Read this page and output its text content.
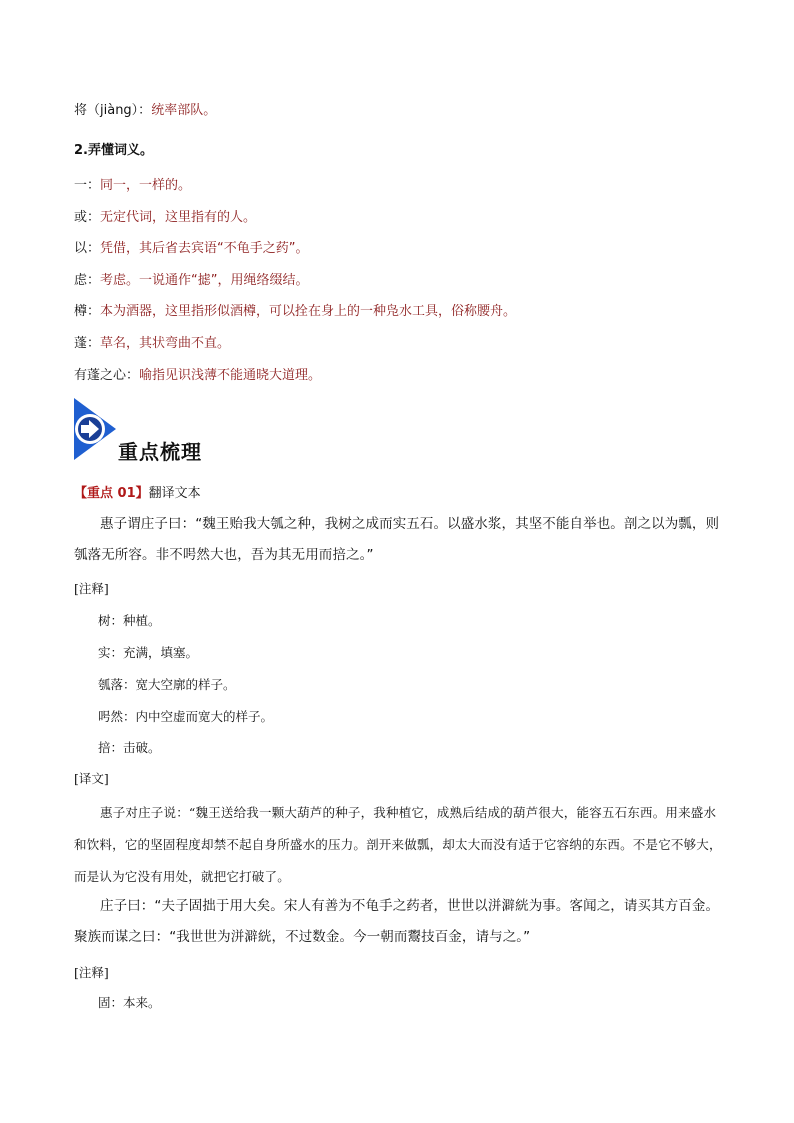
将（jiàng）：统率部队。
2.弄懂词义。
一：同一，一样的。
或：无定代词，这里指有的人。
以：凭借，其后省去宾语“不龟手之药”。
虑：考虑。一说通作“摅”，用绳络缀结。
樽：本为酒器，这里指形似酒樽，可以拴在身上的一种凫水工具，俗称腰舟。
蓬：草名，其状弯曲不直。
有蓬之心：喻指见识浅薄不能通晓大道理。
重点梳理
【重点 01】翻译文本
惠子谓庄子曰：“魏王贻我大瓠之种，我树之成而实五石。以盛水浆，其坚不能自举也。剖之以为瓢，则瓠落无所容。非不呺然大也，吾为其无用而掊之。”
[注释]
树：种植。
实：充满，填塞。
瓠落：宽大空廓的样子。
呺然：内中空虚而宽大的样子。
掊：击破。
[译文]
惠子对庄子说：“魏王送给我一颗大葫芦的种子，我种植它，成熟后结成的葫芦很大，能容五石东西。用来盛水和饮料，它的坚固程度却禁不起自身所盛水的压力。剖开来做瓢，却太大而没有适于它容纳的东西。不是它不够大，而是认为它没有用处，就把它打破了。
庄子曰：“夫子固拙于用大矣。宋人有善为不龟手之药者，世世以洴澼絖为事。客闻之，请买其方百金。聚族而谋之曰：“我世世为洴澼絖，不过数金。今一朝而鬻技百金，请与之。”
[注释]
固：本来。
